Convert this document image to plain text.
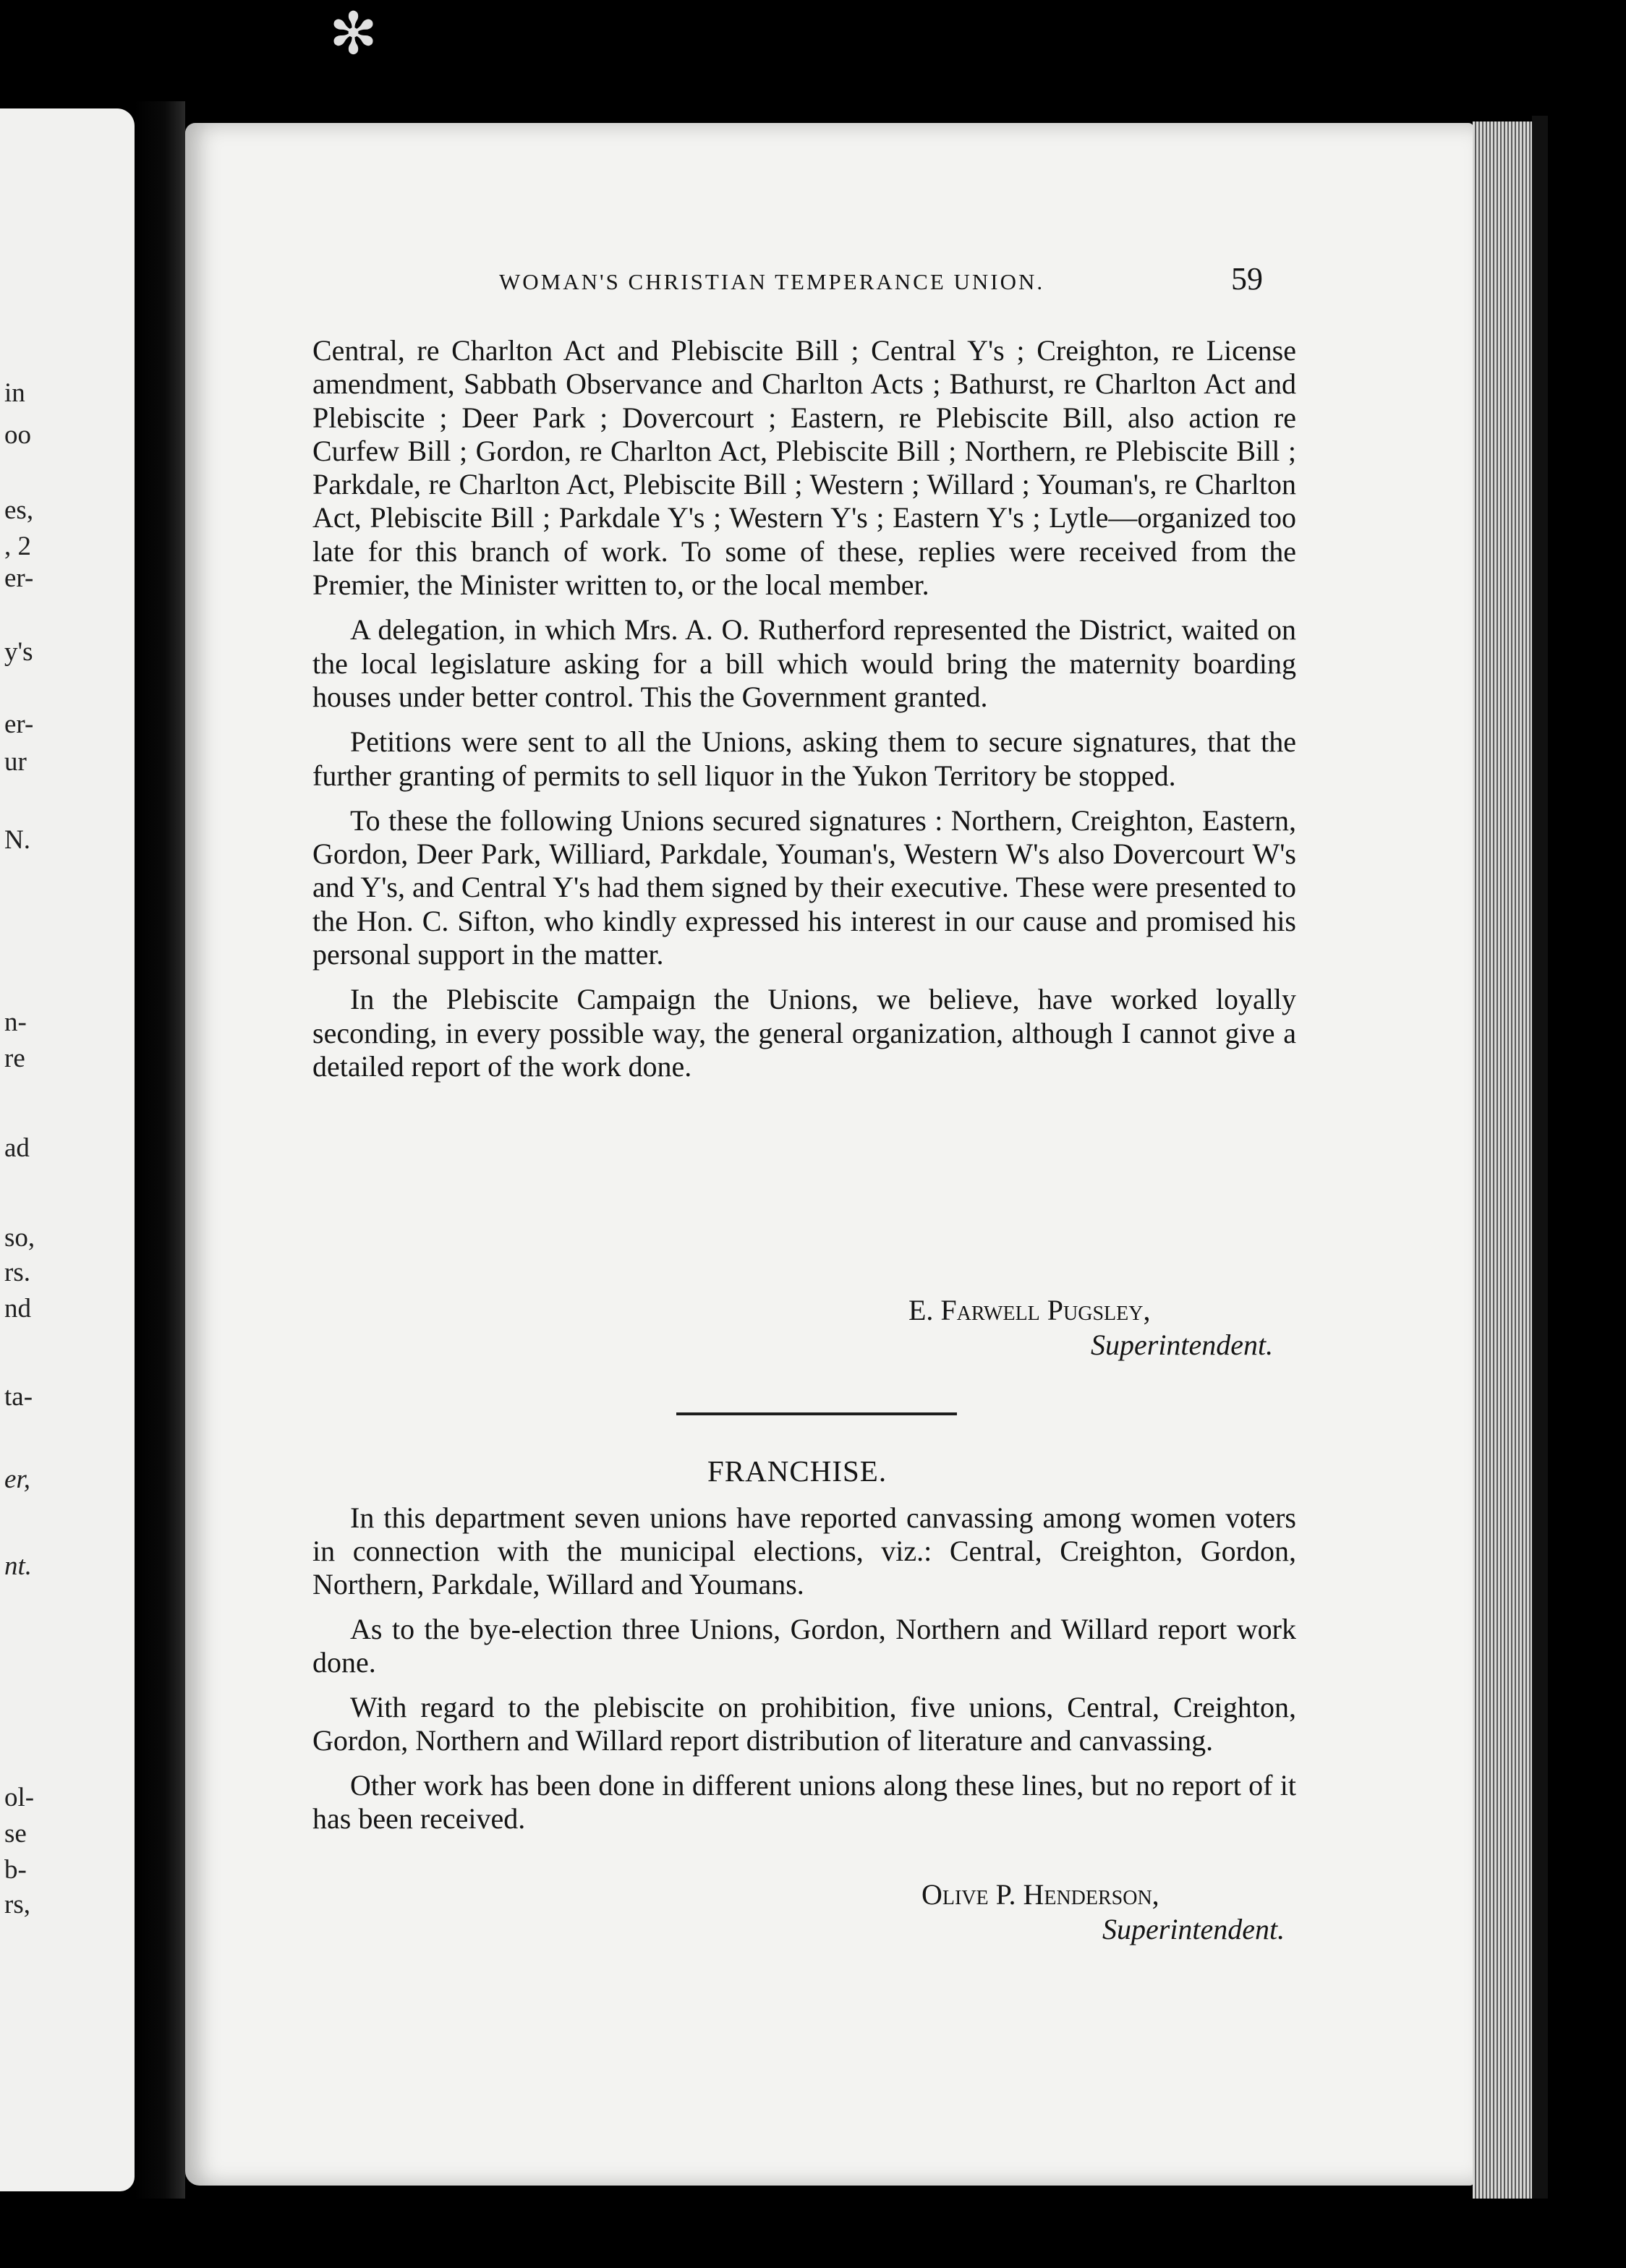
in
oo
es,
, 2
er-
y's
er-
ur
N.
n-
re
ad
so,
rs.
nd
ta-
er,
nt.
ol-
se
b-
rs,
✻
WOMAN'S CHRISTIAN TEMPERANCE UNION.	59

Central, re Charlton Act and Plebiscite Bill ; Central Y's ; Creighton, re License amendment, Sabbath Observance and Charlton Acts ; Bathurst, re Charlton Act and Plebiscite ; Deer Park ; Dovercourt ; Eastern, re Plebiscite Bill, also action re Curfew Bill ; Gordon, re Charlton Act, Plebiscite Bill ; Northern, re Plebiscite Bill ; Parkdale, re Charlton Act, Plebiscite Bill ; Western ; Willard ; Youman's, re Charlton Act, Plebiscite Bill ; Parkdale Y's ; Western Y's ; Eastern Y's ; Lytle—organized too late for this branch of work. To some of these, replies were received from the Premier, the Minister written to, or the local member.

A delegation, in which Mrs. A. O. Rutherford represented the District, waited on the local legislature asking for a bill which would bring the maternity boarding houses under better control. This the Government granted.

Petitions were sent to all the Unions, asking them to secure signatures, that the further granting of permits to sell liquor in the Yukon Territory be stopped.

To these the following Unions secured signatures : Northern, Creighton, Eastern, Gordon, Deer Park, Williard, Parkdale, Youman's, Western W's also Dovercourt W's and Y's, and Central Y's had them signed by their executive. These were presented to the Hon. C. Sifton, who kindly expressed his interest in our cause and promised his personal support in the matter.

In the Plebiscite Campaign the Unions, we believe, have worked loyally seconding, in every possible way, the general organization, although I cannot give a detailed report of the work done.

E. Farwell Pugsley,
Superintendent.
FRANCHISE.

In this department seven unions have reported canvassing among women voters in connection with the municipal elections, viz.: Central, Creighton, Gordon, Northern, Parkdale, Willard and Youmans.

As to the bye-election three Unions, Gordon, Northern and Willard report work done.

With regard to the plebiscite on prohibition, five unions, Central, Creighton, Gordon, Northern and Willard report distribution of literature and canvassing.

Other work has been done in different unions along these lines, but no report of it has been received.

Olive P. Henderson,
Superintendent.
